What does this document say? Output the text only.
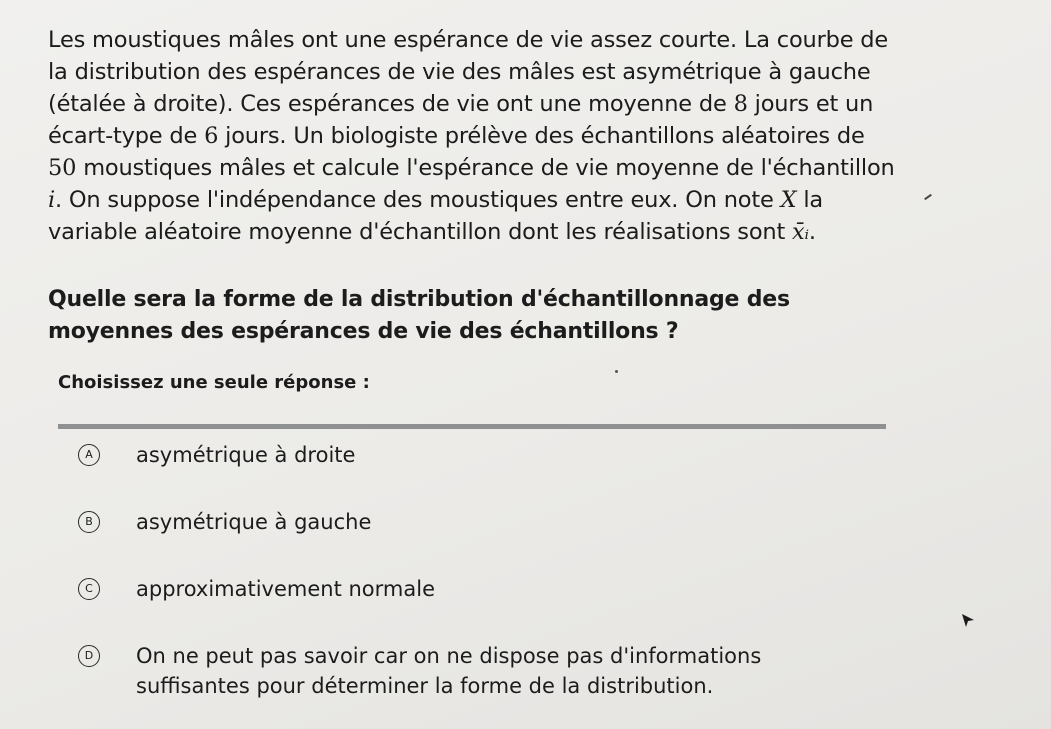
Les moustiques mâles ont une espérance de vie assez courte. La courbe de

la distribution des espérances de vie des mâles est asymétrique à gauche

(étalée à droite). Ces espérances de vie ont une moyenne de 8 jours et un

écart-type de 6 jours. Un biologiste prélève des échantillons aléatoires de

50 moustiques mâles et calcule l'espérance de vie moyenne de l'échantillon

i. On suppose l'indépendance des moustiques entre eux. On note X la

variable aléatoire moyenne d'échantillon dont les réalisations sont x̄ᵢ.

Quelle sera la forme de la distribution d'échantillonnage des moyennes des espérances de vie des échantillons ?
Choisissez une seule réponse :
A	asymétrique à droite
B	asymétrique à gauche
C	approximativement normale
D	On ne peut pas savoir car on ne dispose pas d'informations suffisantes pour déterminer la forme de la distribution.
